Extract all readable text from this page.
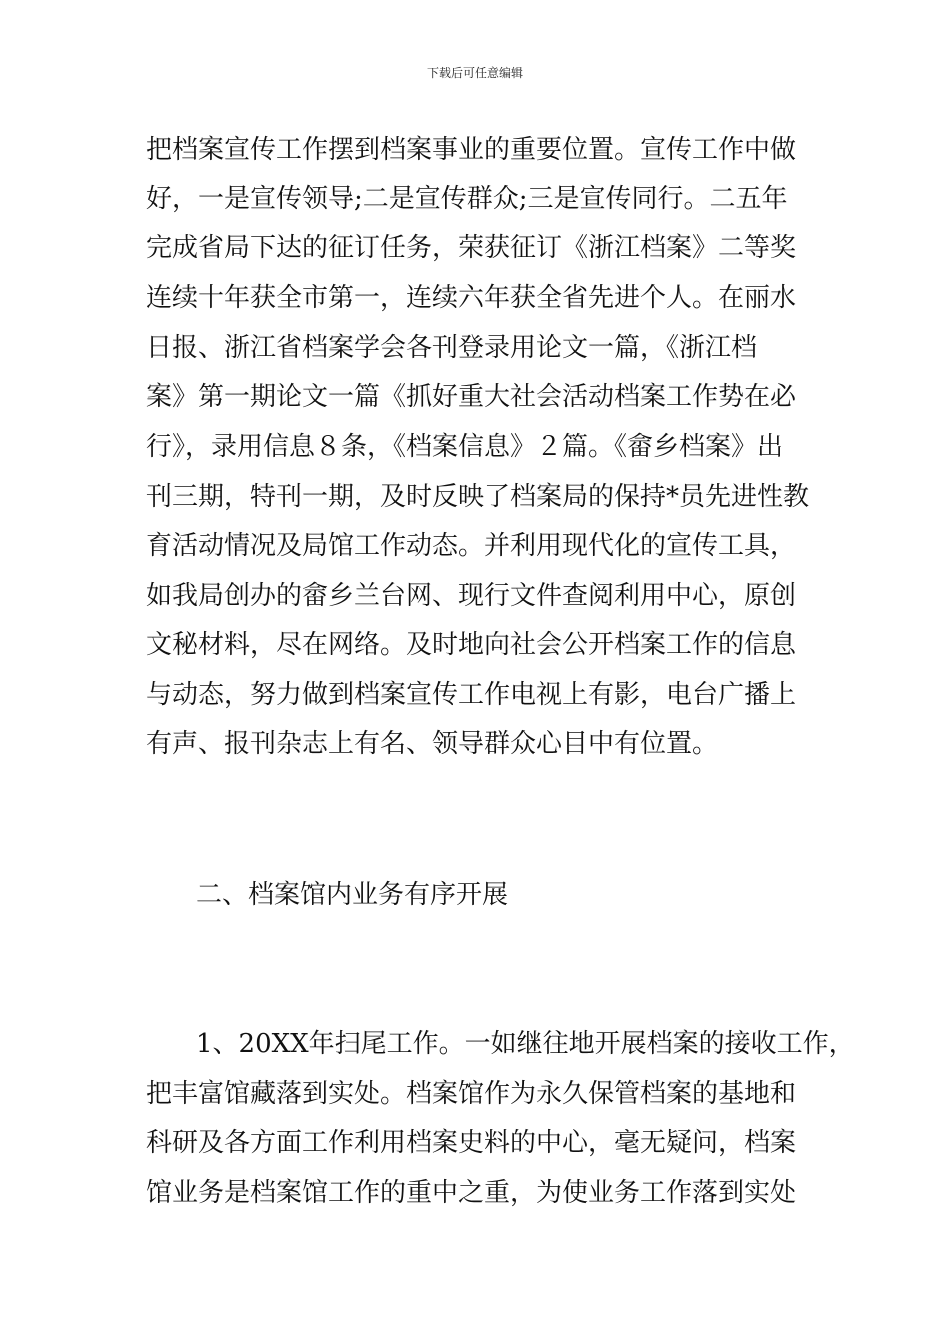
下载后可任意编辑
把档案宣传工作摆到档案事业的重要位置。宣传工作中做
好，一是宣传领导;二是宣传群众;三是宣传同行。二五年
完成省局下达的征订任务，荣获征订《浙江档案》二等奖
连续十年获全市第一，连续六年获全省先进个人。在丽水
日报、浙江省档案学会各刊登录用论文一篇，《浙江档
案》第一期论文一篇《抓好重大社会活动档案工作势在必
行》，录用信息８条，《档案信息》２篇。《畲乡档案》出
刊三期，特刊一期，及时反映了档案局的保持*员先进性教
育活动情况及局馆工作动态。并利用现代化的宣传工具，
如我局创办的畲乡兰台网、现行文件查阅利用中心，原创
文秘材料，尽在网络。及时地向社会公开档案工作的信息
与动态，努力做到档案宣传工作电视上有影，电台广播上
有声、报刊杂志上有名、领导群众心目中有位置。
二、档案馆内业务有序开展
1、20XX年扫尾工作。一如继往地开展档案的接收工作，
把丰富馆藏落到实处。档案馆作为永久保管档案的基地和
科研及各方面工作利用档案史料的中心，毫无疑问，档案
馆业务是档案馆工作的重中之重，为使业务工作落到实处
